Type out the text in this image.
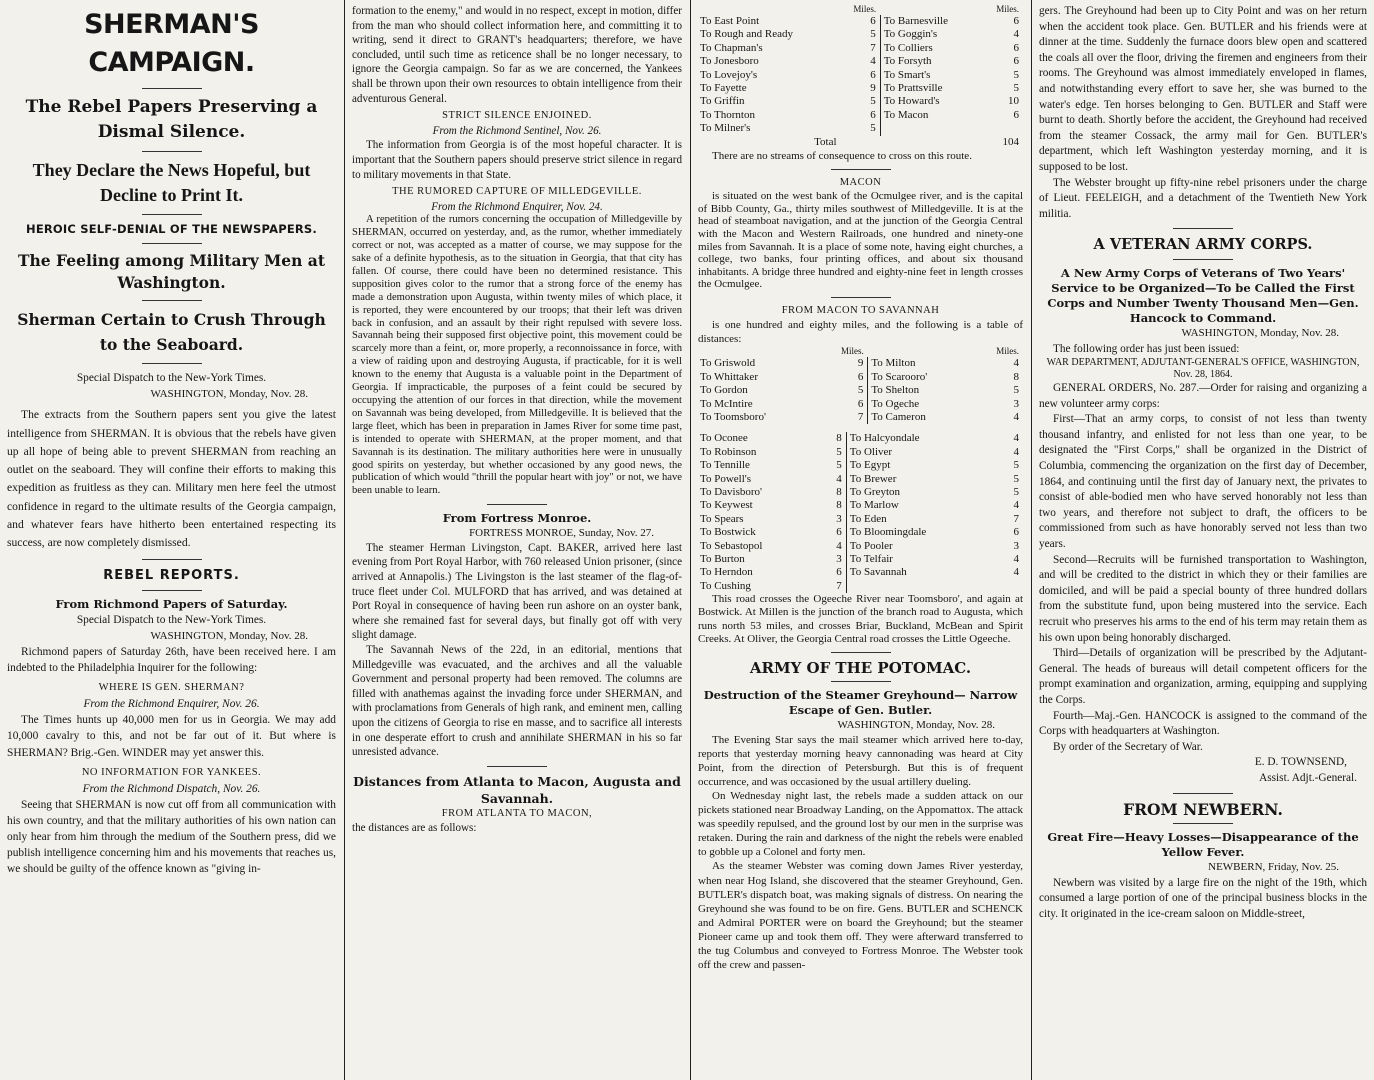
SHERMAN'S CAMPAIGN.
The Rebel Papers Preserving a Dismal Silence.
They Declare the News Hopeful, but Decline to Print It.
HEROIC SELF-DENIAL OF THE NEWSPAPERS.
The Feeling among Military Men at Washington.
Sherman Certain to Crush Through to the Seaboard.

Special Dispatch to the New-York Times.

WASHINGTON, Monday, Nov. 28.

The extracts from the Southern papers sent you give the latest intelligence from SHERMAN. It is obvious that the rebels have given up all hope of being able to prevent SHERMAN from reaching an outlet on the seaboard. They will confine their efforts to making this expedition as fruitless as they can. Military men here feel the utmost confidence in regard to the ultimate results of the Georgia campaign, and whatever fears have hitherto been entertained respecting its success, are now completely dismissed.

REBEL REPORTS.
From Richmond Papers of Saturday.

Special Dispatch to the New-York Times.

WASHINGTON, Monday, Nov. 28.

Richmond papers of Saturday 26th, have been received here. I am indebted to the Philadelphia Inquirer for the following:

WHERE IS GEN. SHERMAN?

From the Richmond Enquirer, Nov. 26.

The Times hunts up 40,000 men for us in Georgia. We may add 10,000 cavalry to this, and not be far out of it. But where is SHERMAN? Brig.-Gen. WINDER may yet answer this.

NO INFORMATION FOR YANKEES.

From the Richmond Dispatch, Nov. 26.

Seeing that SHERMAN is now cut off from all communication with his own country, and that the military authorities of his own nation can only hear from him through the medium of the Southern press, did we publish intelligence concerning him and his movements that reaches us, we should be guilty of the offence known as "giving in-

formation to the enemy," and would in no respect, except in motion, differ from the man who should collect information here, and committing it to writing, send it direct to GRANT's headquarters; therefore, we have concluded, until such time as reticence shall be no longer necessary, to ignore the Georgia campaign. So far as we are concerned, the Yankees shall be thrown upon their own resources to obtain intelligence from their adventurous General.

STRICT SILENCE ENJOINED.

From the Richmond Sentinel, Nov. 26.

The information from Georgia is of the most hopeful character. It is important that the Southern papers should preserve strict silence in regard to military movements in that State.

THE RUMORED CAPTURE OF MILLEDGEVILLE.

From the Richmond Enquirer, Nov. 24.

A repetition of the rumors concerning the occupation of Milledgeville by SHERMAN, occurred on yesterday, and, as the rumor, whether immediately correct or not, was accepted as a matter of course, we may suppose for the sake of a definite hypothesis, as to the situation in Georgia, that that city has fallen. Of course, there could have been no determined resistance. This supposition gives color to the rumor that a strong force of the enemy has made a demonstration upon Augusta, within twenty miles of which place, it is reported, they were encountered by our troops; that their left was driven back in confusion, and an assault by their right repulsed with severe loss. Savannah being their supposed first objective point, this movement could be scarcely more than a feint, or, more properly, a reconnoissance in force, with a view of raiding upon and destroying Augusta, if practicable, for it is well known to the enemy that Augusta is a valuable point in the Department of Georgia. If impracticable, the purposes of a feint could be secured by occupying the attention of our forces in that direction, while the movement on Savannah was being developed, from Milledgeville. It is believed that the large fleet, which has been in preparation in James River for some time past, is intended to operate with SHERMAN, at the proper moment, and that Savannah is its destination. The military authorities here were in unusually good spirits on yesterday, but whether occasioned by any good news, the publication of which would "thrill the popular heart with joy" or not, we have been unable to learn.

From Fortress Monroe.

FORTRESS MONROE, Sunday, Nov. 27.

The steamer Herman Livingston, Capt. BAKER, arrived here last evening from Port Royal Harbor, with 760 released Union prisoner, (since arrived at Annapolis.) The Livingston is the last steamer of the flag-of-truce fleet under Col. MULFORD that has arrived, and was detained at Port Royal in consequence of having been run ashore on an oyster bank, where she remained fast for several days, but finally got off with very slight damage.

The Savannah News of the 22d, in an editorial, mentions that Milledgeville was evacuated, and the archives and all the valuable Government and personal property had been removed. The columns are filled with anathemas against the invading force under SHERMAN, and with proclamations from Generals of high rank, and eminent men, calling upon the citizens of Georgia to rise en masse, and to sacrifice all interests in one desperate effort to crush and annihilate SHERMAN in his so far unresisted advance.

Distances from Atlanta to Macon, Augusta and Savannah.

FROM ATLANTA TO MACON,

the distances are as follows:

	Miles.		Miles.
To East Point	6	To Barnesville	6
To Rough and Ready	5	To Goggin's	4
To Chapman's	7	To Colliers	6
To Jonesboro	4	To Forsyth	6
To Lovejoy's	6	To Smart's	5
To Fayette	9	To Prattsville	5
To Griffin	5	To Howard's	10
To Thornton	6	To Macon	6
To Milner's	5		
Total			104

There are no streams of consequence to cross on this route.

MACON

is situated on the west bank of the Ocmulgee river, and is the capital of Bibb County, Ga., thirty miles southwest of Milledgeville. It is at the head of steamboat navigation, and at the junction of the Georgia Central with the Macon and Western Railroads, one hundred and ninety-one miles from Savannah. It is a place of some note, having eight churches, a college, two banks, four printing offices, and about six thousand inhabitants. A bridge three hundred and eighty-nine feet in length crosses the Ocmulgee.

FROM MACON TO SAVANNAH

is one hundred and eighty miles, and the following is a table of distances:

	Miles.		Miles.
To Griswold	9	To Milton	4
To Whittaker	6	To Scarooro'	8
To Gordon	5	To Shelton	5
To McIntire	6	To Ogeche	3
To Toomsboro'	7	To Cameron	4
To Oconee	8	To Halcyondale	4
To Robinson	5	To Oliver	4
To Tennille	5	To Egypt	5
To Powell's	4	To Brewer	5
To Davisboro'	8	To Greyton	5
To Keywest	8	To Marlow	4
To Spears	3	To Eden	7
To Bostwick	6	To Bloomingdale	6
To Sebastopol	4	To Pooler	3
To Burton	3	To Telfair	4
To Herndon	6	To Savannah	4
To Cushing	7		

This road crosses the Ogeeche River near Toomsboro', and again at Bostwick. At Millen is the junction of the branch road to Augusta, which runs north 53 miles, and crosses Briar, Buckland, McBean and Spirit Creeks. At Oliver, the Georgia Central road crosses the Little Ogeeche.

ARMY OF THE POTOMAC.
Destruction of the Steamer Greyhound— Narrow Escape of Gen. Butler.

WASHINGTON, Monday, Nov. 28.

The Evening Star says the mail steamer which arrived here to-day, reports that yesterday morning heavy cannonading was heard at City Point, from the direction of Petersburgh. But this is of frequent occurrence, and was occasioned by the usual artillery dueling.

On Wednesday night last, the rebels made a sudden attack on our pickets stationed near Broadway Landing, on the Appomattox. The attack was speedily repulsed, and the ground lost by our men in the surprise was retaken. During the rain and darkness of the night the rebels were enabled to gobble up a Colonel and forty men.

As the steamer Webster was coming down James River yesterday, when near Hog Island, she discovered that the steamer Greyhound, Gen. BUTLER's dispatch boat, was making signals of distress. On nearing the Greyhound she was found to be on fire. Gens. BUTLER and SCHENCK and Admiral PORTER were on board the Greyhound; but the steamer Pioneer came up and took them off. They were afterward transferred to the tug Columbus and conveyed to Fortress Monroe. The Webster took off the crew and passen-

gers. The Greyhound had been up to City Point and was on her return when the accident took place. Gen. BUTLER and his friends were at dinner at the time. Suddenly the furnace doors blew open and scattered the coals all over the floor, driving the firemen and engineers from their rooms. The Greyhound was almost immediately enveloped in flames, and notwithstanding every effort to save her, she was burned to the water's edge. Ten horses belonging to Gen. BUTLER and Staff were burnt to death. Shortly before the accident, the Greyhound had received from the steamer Cossack, the army mail for Gen. BUTLER's department, which left Washington yesterday morning, and it is supposed to be lost.

The Webster brought up fifty-nine rebel prisoners under the charge of Lieut. FEELEIGH, and a detachment of the Twentieth New York militia.

A VETERAN ARMY CORPS.
A New Army Corps of Veterans of Two Years' Service to be Organized—To be Called the First Corps and Number Twenty Thousand Men—Gen. Hancock to Command.

WASHINGTON, Monday, Nov. 28.

The following order has just been issued:

WAR DEPARTMENT, ADJUTANT-GENERAL'S OFFICE, WASHINGTON, Nov. 28, 1864.

GENERAL ORDERS, No. 287.—Order for raising and organizing a new volunteer army corps:

First—That an army corps, to consist of not less than twenty thousand infantry, and enlisted for not less than one year, to be designated the "First Corps," shall be organized in the District of Columbia, commencing the organization on the first day of December, 1864, and continuing until the first day of January next, the privates to consist of able-bodied men who have served honorably not less than two years, and therefore not subject to draft, the officers to be commissioned from such as have honorably served not less than two years.

Second—Recruits will be furnished transportation to Washington, and will be credited to the district in which they or their families are domiciled, and will be paid a special bounty of three hundred dollars from the substitute fund, upon being mustered into the service. Each recruit who preserves his arms to the end of his term may retain them as his own upon being honorably discharged.

Third—Details of organization will be prescribed by the Adjutant-General. The heads of bureaus will detail competent officers for the prompt examination and organization, arming, equipping and supplying the Corps.

Fourth—Maj.-Gen. HANCOCK is assigned to the command of the Corps with headquarters at Washington.

By order of the Secretary of War.

E. D. TOWNSEND,

Assist. Adjt.-General.

FROM NEWBERN.
Great Fire—Heavy Losses—Disappearance of the Yellow Fever.

NEWBERN, Friday, Nov. 25.

Newbern was visited by a large fire on the night of the 19th, which consumed a large portion of one of the principal business blocks in the city. It originated in the ice-cream saloon on Middle-street,
